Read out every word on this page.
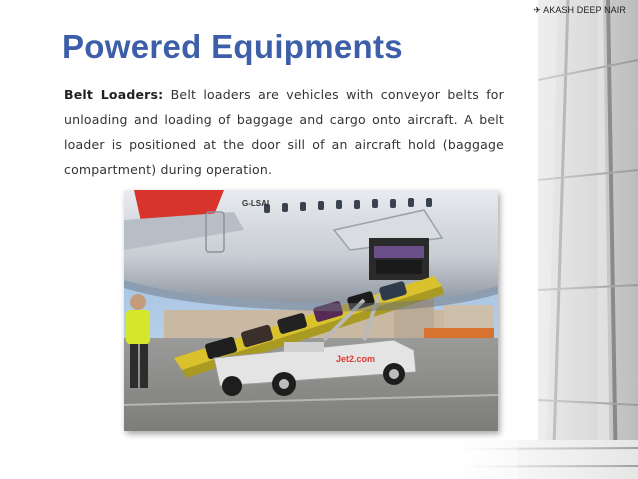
✈ AKASH DEEP NAIR
Powered Equipments
Belt Loaders: Belt loaders are vehicles with conveyor belts for unloading and loading of baggage and cargo onto aircraft. A belt loader is positioned at the door sill of an aircraft hold (baggage compartment) during operation.
G-LSAI
Jet2.com
